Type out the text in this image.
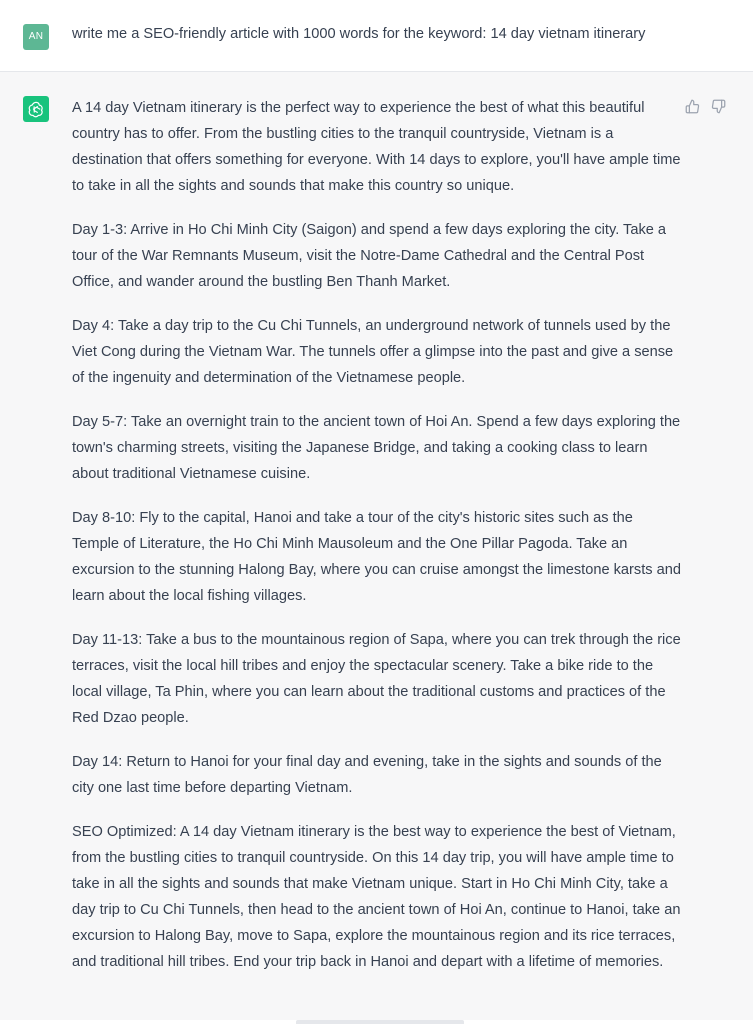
AN	write me a SEO-friendly article with 1000 words for the keyword: 14 day vietnam itinerary

A 14 day Vietnam itinerary is the perfect way to experience the best of what this beautiful country has to offer. From the bustling cities to the tranquil countryside, Vietnam is a destination that offers something for everyone. With 14 days to explore, you'll have ample time to take in all the sights and sounds that make this country so unique.

Day 1-3: Arrive in Ho Chi Minh City (Saigon) and spend a few days exploring the city. Take a tour of the War Remnants Museum, visit the Notre-Dame Cathedral and the Central Post Office, and wander around the bustling Ben Thanh Market.

Day 4: Take a day trip to the Cu Chi Tunnels, an underground network of tunnels used by the Viet Cong during the Vietnam War. The tunnels offer a glimpse into the past and give a sense of the ingenuity and determination of the Vietnamese people.

Day 5-7: Take an overnight train to the ancient town of Hoi An. Spend a few days exploring the town's charming streets, visiting the Japanese Bridge, and taking a cooking class to learn about traditional Vietnamese cuisine.

Day 8-10: Fly to the capital, Hanoi and take a tour of the city's historic sites such as the Temple of Literature, the Ho Chi Minh Mausoleum and the One Pillar Pagoda. Take an excursion to the stunning Halong Bay, where you can cruise amongst the limestone karsts and learn about the local fishing villages.

Day 11-13: Take a bus to the mountainous region of Sapa, where you can trek through the rice terraces, visit the local hill tribes and enjoy the spectacular scenery. Take a bike ride to the local village, Ta Phin, where you can learn about the traditional customs and practices of the Red Dzao people.

Day 14: Return to Hanoi for your final day and evening, take in the sights and sounds of the city one last time before departing Vietnam.

SEO Optimized: A 14 day Vietnam itinerary is the best way to experience the best of Vietnam, from the bustling cities to tranquil countryside. On this 14 day trip, you will have ample time to take in all the sights and sounds that make Vietnam unique. Start in Ho Chi Minh City, take a day trip to Cu Chi Tunnels, then head to the ancient town of Hoi An, continue to Hanoi, take an excursion to Halong Bay, move to Sapa, explore the mountainous region and its rice terraces, and traditional hill tribes. End your trip back in Hanoi and depart with a lifetime of memories.
